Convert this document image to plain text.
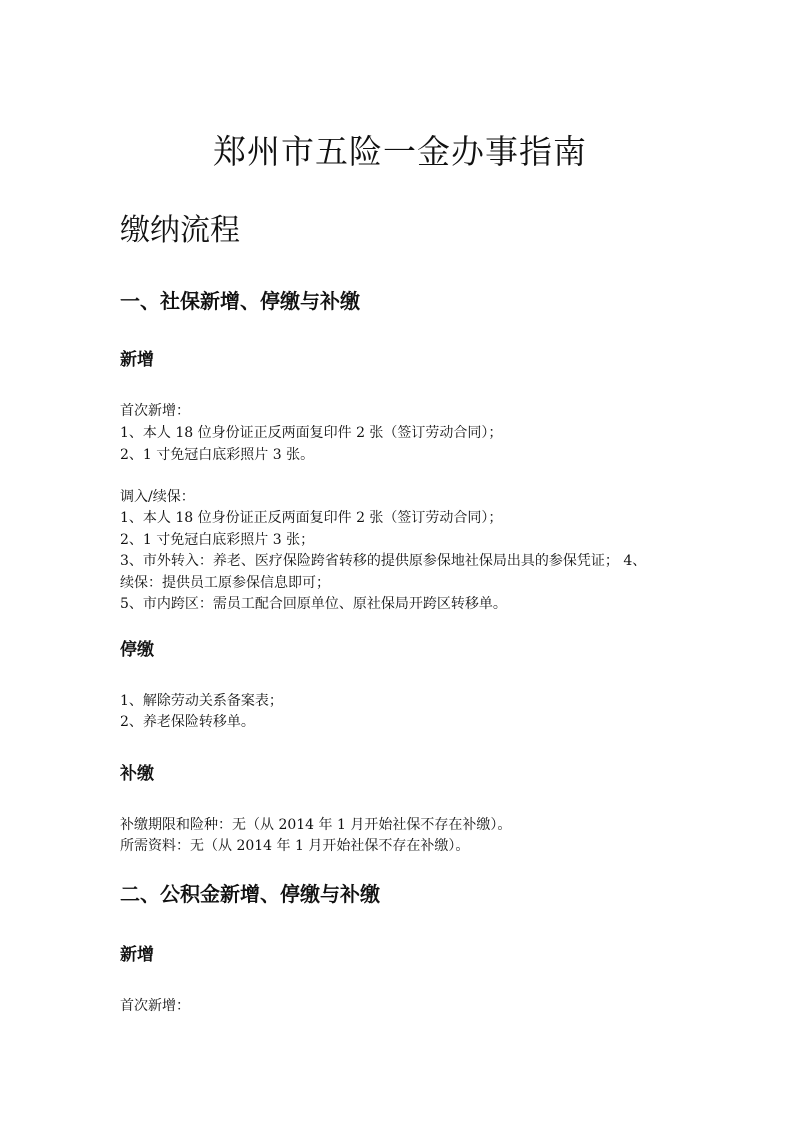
郑州市五险一金办事指南
缴纳流程
一、社保新增、停缴与补缴
新增
首次新增：
1、本人 18 位身份证正反两面复印件 2 张（签订劳动合同）；
2、1 寸免冠白底彩照片 3 张。
调入/续保：
1、本人 18 位身份证正反两面复印件 2 张（签订劳动合同）；
2、1 寸免冠白底彩照片 3 张；
3、市外转入：养老、医疗保险跨省转移的提供原参保地社保局出具的参保凭证； 4、
续保：提供员工原参保信息即可；
5、市内跨区：需员工配合回原单位、原社保局开跨区转移单。
停缴
1、解除劳动关系备案表；
2、养老保险转移单。
补缴
补缴期限和险种：无（从 2014 年 1 月开始社保不存在补缴）。
所需资料：无（从 2014 年 1 月开始社保不存在补缴）。
二、公积金新增、停缴与补缴
新增
首次新增：
